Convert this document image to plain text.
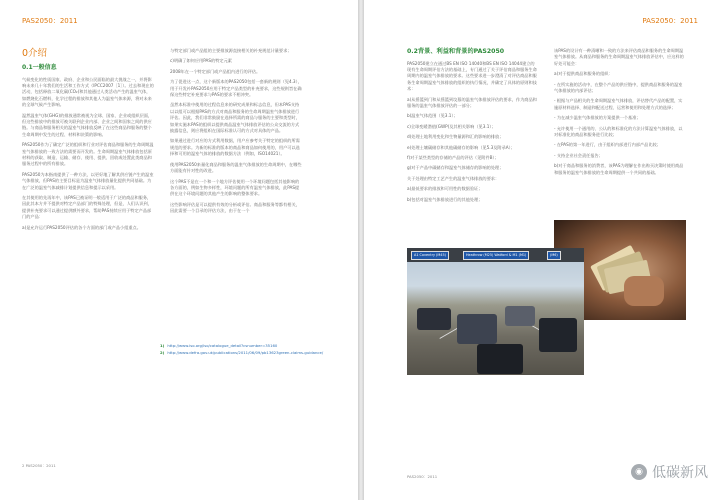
PAS2050：2011
0介绍
0.1一般信息

气候变化的性质国家、政府、企业和公民面临的最大挑战之一，并将影响未来几十年我们的生活和工作方式（IPCC2007［1］）。过去和现在的活动，包括释放二氧化碳(CO₂)和其他通过人类活动产生的温室气体，如燃烧化石燃料，化学过程的排放和其他人为温室气体来源，将对未来的全球气候产生影响。

温然温室气体(GHG)的排放通常被视为全球、国家、企业或组织层面，但这些排放中的排放可被关联到企业内部、企业之间和国家之间的供应链。与商品和服务相关的温室气体排放反映了在这些商品和服务的整个生命周期中发生的过程、材料和决策的影响。

PAS2050作为了确定广泛的组织和行业对评估商品和服务的生命周期温室气体排放的一致方法的需要而开发的。生命周期温室气体排放包括原材料的获取、制造、运输、储存、使用、提供、回收或处置此类商品和服务过程中的所有排放。

PAS2050为本指南提供了一种方法，以更好地了解其供应链产生的温室气体排放，但PAS的主要目标是为温室气体排放量化提供共同基础。为在广泛的温室气体减排计划提供信息和提示以采用。

在其使用的先再年中，该PAS已被证明一般适用于广泛的商品和服务，因此其本方并不提供对特定产品部门的特殊处理，但是，人们认识到，提供补充要求可以通过提供额外要求，帮助PAS持续应用于特定产品部门的产品：

a)是允许运行PAS2050评估的各个方面的部门或产品小组重点。

与特定部门或产品组的主要排放源直接相关的补充规范计量要求；

c)明确了如何应用PAS的特定元素

2008年在一个特定部门或产品组内进行的评估。

为了促进这一点，这个新版本的PAS2050包括一套新的规则（见4.3），用于开发补PAS2050应用于特定产品类型的补充要求，这些规则旨在确保这些特定补充要求与PAS的要求不相冲突。

虽然本标准中使用的过程信息来的研究成果和标志信息，但本PAS支持以以组可以根据PAS的方式对商品和服务的生命周期温室气体排放进行评估。因此，我们非常鼓励在选择所需的商品与服务的主要和类型时，如果实施本PAS的组织以提供商品温室气体排放评估的公众交流的方式披露信息，则应将组织在国际标准认可的方式对具体的产品。

如果通过进行对应的方式利用数据，用户应参考关于特定的组织的所需规范的要求。为新的标准的版本的商品和商品如何使用的，用户可以选择和可用的温室气体的排放的数据方法（例如，ISO14021）。

使用PAS2050来量化商品和服务的温室气体排放的生命周期中，在哪些方面能有针对性的改进。

这个PAS不是在一个和一个地方评估使用一个环境问题包括其他影响的各方面的，例如生物多样性，环境问题的所有温室气体排放，此PAS提供在这个环境问题的其他产生的影响的整体要求。

这些影响评估是可以提供有效的分析或评估。商品和服务等都有相关，因此需要一个目录的评估方法，由于在一个

1) http://www.iso.org/iso/catalogue_detail?csnumber=35160
2) http://www.defra.gov.uk/publications/2011/06/09/pb13623green-claims-guidance/
2 PAS2050：2011
PAS2050：2011
0.2背景、利益和背景的PAS2050

PAS2050建立在通过BS EN ISO 14040和BS EN ISO 14044建立的现有生命周期评估方法的基础上，专门通过了关于评估商品和服务生命周期内的温室气体排放的要求。这些要求进一步澄清了对评估商品和服务生命周期温室气体排放的组织的执行情况，并确定了具体的原则和技术：

a)从摇篮到门和从摇篮到坟墓的温室气体排放评估的要求，作为商品和服务的温室气体排放评估的一部分；

b)温室气体范围（见3.1）；

c)全球变暖潜值(GWP)及其相关影响（见3.1）；

d)处理土地利用变化和生物量源和汇的影响的排放；

e)处理土壤碳储存和其他碳储存的影响（见5.3及附录A）；

f)对于某些类型的存储的产品的评估（见附件B）；

g)对于产品中碳储存和温室气体储存的影响的处理；

关于处理由特定工艺产生的温室气体排放的要求：

a)最低要求的排放和可用性的数据验证；

b)包括对温室气体排放进行的其他处理；

该PAS的设计有一种清晰和一致的方法来评估商品和服务的生命周期温室气体排放。从商品和服务的生命周期温室气体排放评估中，应这样的好处可能会：

a)对于提供商品和服务的组织：

- 在所实施的活动中，在整个产品的供应链中，提供商品和服务的温室气体排放的内部评估；

- 根据与产品相关的生命周期温室气体排放，评估替代产品的配置，实施原材料选择、制造和配送过程、运营和使用和处理方式的选择；

- 为在减少温室气体排放的方案提供一个基准；

- 允许使用一个通用的、公认的和标准化的方法计算温室气体排放，以对标准化的商品和服务进行比较；

- 在PAS的第一年进行，由于组织内部进行内部产品比较；

- 支持企业社会责任报告；

b)对于商品和服务的消费者，该PAS为理解在作出购买决策时使用商品和服务的温室气体排放的生命周期提供一个共同的基础。

A1 Coventry (M45)	Heathrow (M25) Watford & M1 (M1)	(M6)
PAS2050：2011	◉ 低碳新风
